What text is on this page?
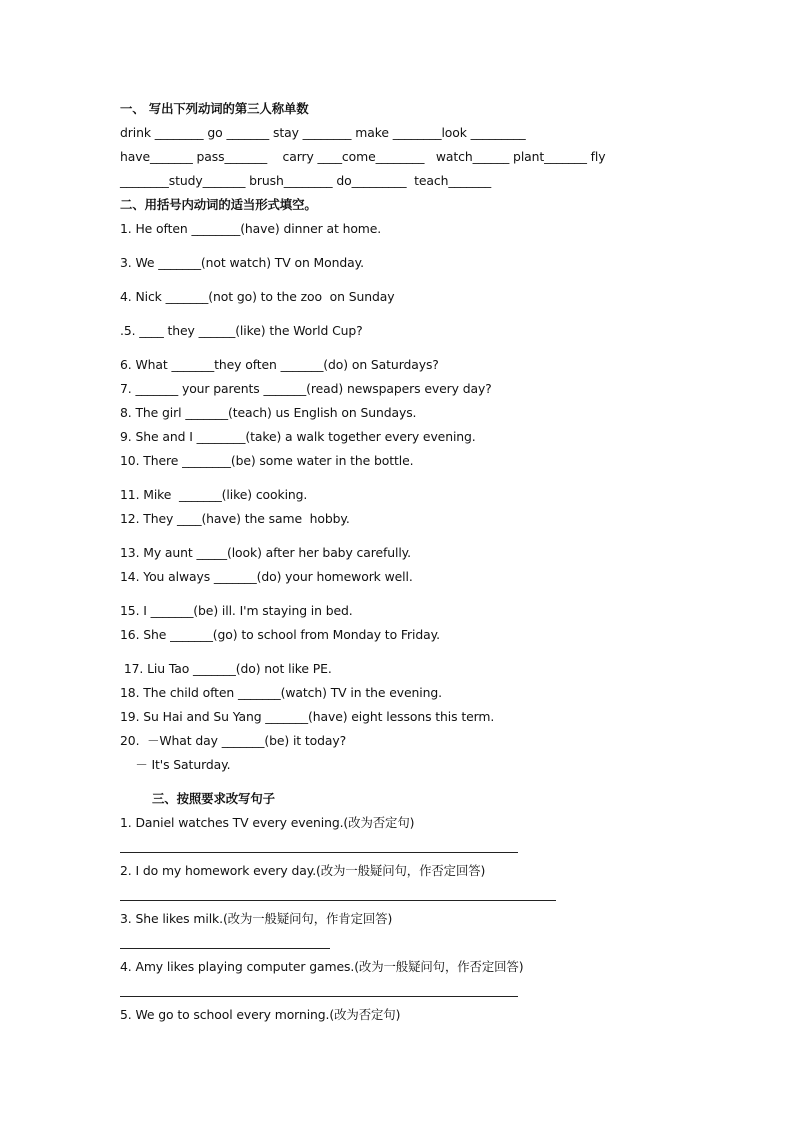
一、 写出下列动词的第三人称单数
drink ________ go _______ stay ________ make ________look _________
have_______ pass_______    carry ____come________   watch______ plant_______ fly
________study_______ brush________ do_________  teach_______
二、用括号内动词的适当形式填空。
1. He often ________(have) dinner at home.
3. We _______(not watch) TV on Monday.
4. Nick _______(not go) to the zoo  on Sunday
.5. ____ they ______(like) the World Cup?
6. What _______they often _______(do) on Saturdays?
7. _______ your parents _______(read) newspapers every day?
8. The girl _______(teach) us English on Sundays.
9. She and I ________(take) a walk together every evening.
10. There ________(be) some water in the bottle.
11. Mike  _______(like) cooking.
12. They ____(have) the same  hobby.
13. My aunt _____(look) after her baby carefully.
14. You always _______(do) your homework well.
15. I _______(be) ill. I'm staying in bed.
16. She _______(go) to school from Monday to Friday.
17. Liu Tao _______(do) not like PE.
18. The child often _______(watch) TV in the evening.
19. Su Hai and Su Yang _______(have) eight lessons this term.
20.  －What day _______(be) it today?
－ It's Saturday.
三、按照要求改写句子
1. Daniel watches TV every evening.(改为否定句)
2. I do my homework every day.(改为一般疑问句，作否定回答)
3. She likes milk.(改为一般疑问句，作肯定回答)
4. Amy likes playing computer games.(改为一般疑问句，作否定回答)
5. We go to school every morning.(改为否定句)
